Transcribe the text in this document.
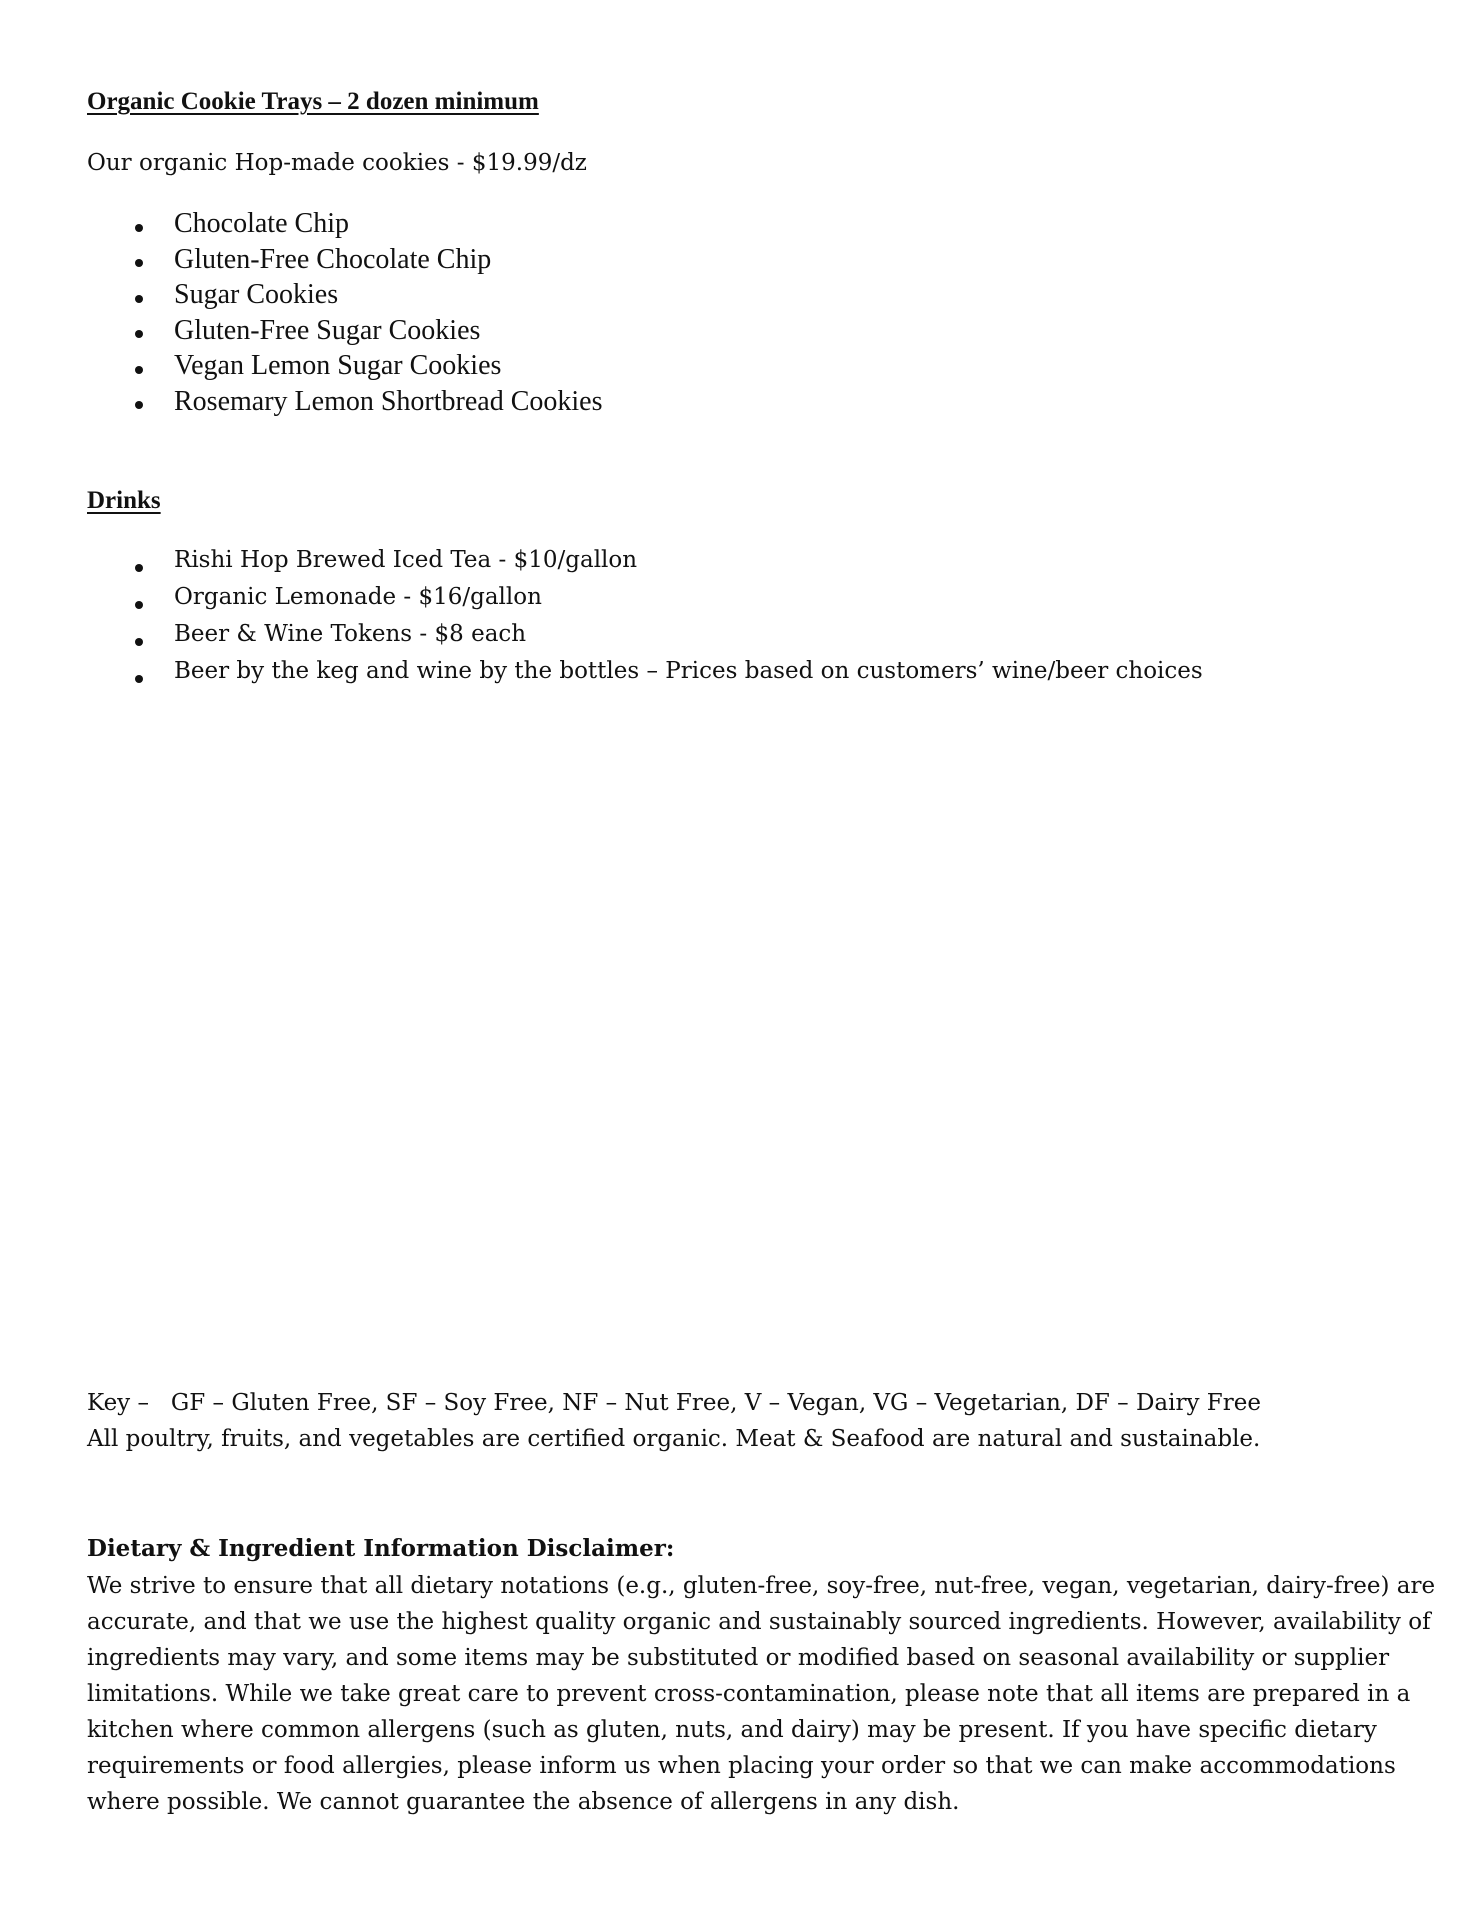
Organic Cookie Trays – 2 dozen minimum

Our organic Hop-made cookies - $19.99/dz

Chocolate Chip
Gluten-Free Chocolate Chip
Sugar Cookies
Gluten-Free Sugar Cookies
Vegan Lemon Sugar Cookies
Rosemary Lemon Shortbread Cookies
Drinks
Rishi Hop Brewed Iced Tea - $10/gallon
Organic Lemonade - $16/gallon
Beer & Wine Tokens - $8 each
Beer by the keg and wine by the bottles – Prices based on customers’ wine/beer choices

Key –   GF – Gluten Free, SF – Soy Free, NF – Nut Free, V – Vegan, VG – Vegetarian, DF – Dairy Free

All poultry, fruits, and vegetables are certified organic. Meat & Seafood are natural and sustainable.

Dietary & Ingredient Information Disclaimer:

We strive to ensure that all dietary notations (e.g., gluten-free, soy-free, nut-free, vegan, vegetarian, dairy-free) are
accurate, and that we use the highest quality organic and sustainably sourced ingredients. However, availability of
ingredients may vary, and some items may be substituted or modified based on seasonal availability or supplier
limitations. While we take great care to prevent cross-contamination, please note that all items are prepared in a
kitchen where common allergens (such as gluten, nuts, and dairy) may be present. If you have specific dietary
requirements or food allergies, please inform us when placing your order so that we can make accommodations
where possible. We cannot guarantee the absence of allergens in any dish.
